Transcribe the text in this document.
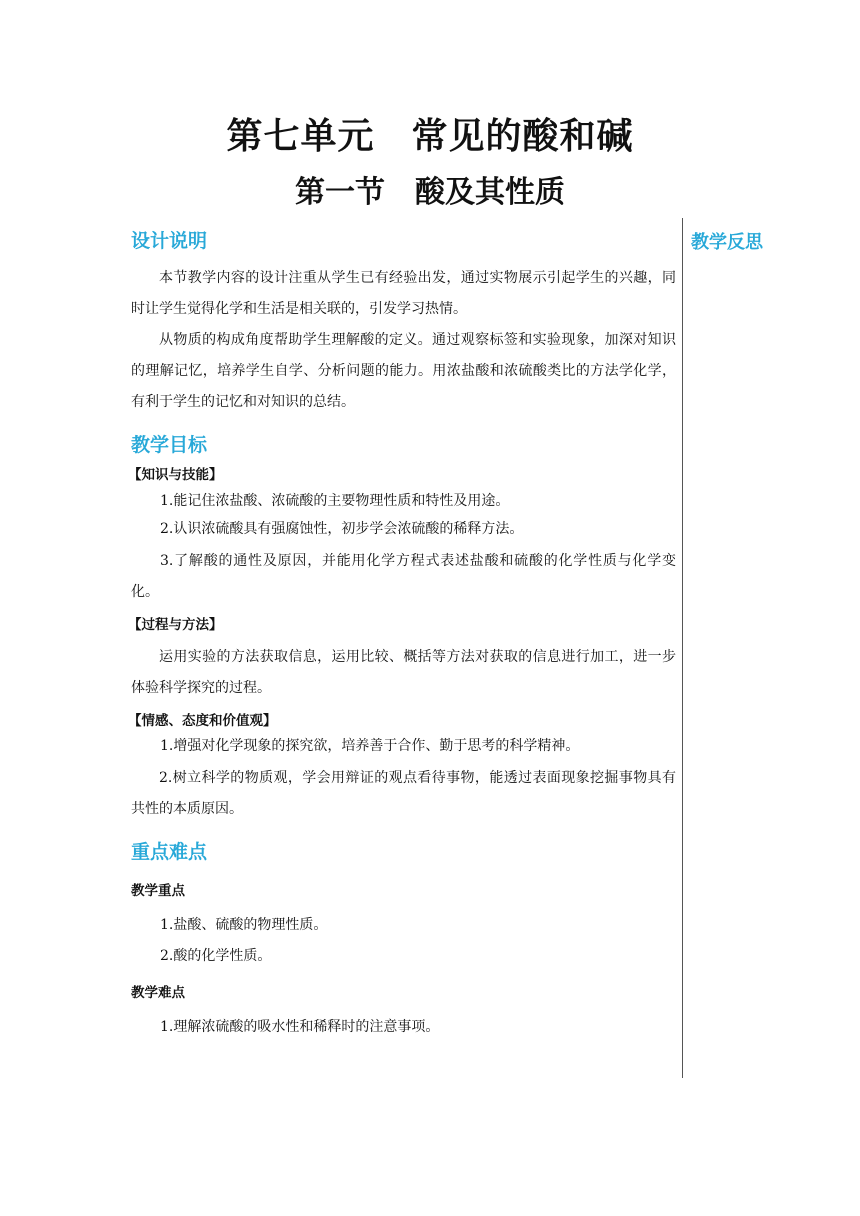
第七单元　常见的酸和碱
第一节　酸及其性质
教学反思
设计说明

本节教学内容的设计注重从学生已有经验出发，通过实物展示引起学生的兴趣，同时让学生觉得化学和生活是相关联的，引发学习热情。

从物质的构成角度帮助学生理解酸的定义。通过观察标签和实验现象，加深对知识的理解记忆，培养学生自学、分析问题的能力。用浓盐酸和浓硫酸类比的方法学化学，有利于学生的记忆和对知识的总结。

教学目标
【知识与技能】

1.能记住浓盐酸、浓硫酸的主要物理性质和特性及用途。

2.认识浓硫酸具有强腐蚀性，初步学会浓硫酸的稀释方法。

3.了解酸的通性及原因，并能用化学方程式表述盐酸和硫酸的化学性质与化学变化。

【过程与方法】

运用实验的方法获取信息，运用比较、概括等方法对获取的信息进行加工，进一步体验科学探究的过程。

【情感、态度和价值观】

1.增强对化学现象的探究欲，培养善于合作、勤于思考的科学精神。

2.树立科学的物质观，学会用辩证的观点看待事物，能透过表面现象挖掘事物具有共性的本质原因。

重点难点
教学重点

1.盐酸、硫酸的物理性质。

2.酸的化学性质。

教学难点

1.理解浓硫酸的吸水性和稀释时的注意事项。
